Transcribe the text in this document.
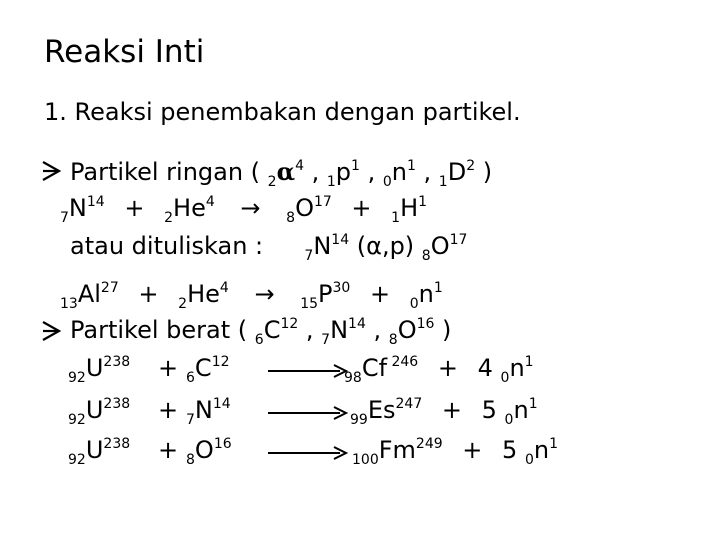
Reaksi Inti
1. Reaksi penembakan dengan partikel.
Partikel ringan ( $_2\alpha^4$ , $_1p^1$ , $_0n^1$ , $_1D^2$ )
$_7N^{14} + _2He^4 \to _8O^{17} + _1H^1$
atau dituliskan :	$_7N^{14}$ (α,p) $_8O^{17}$
$_{13}Al^{27} + _2He^4 \to _{15}P^{30} + _0n^1$
Partikel berat ( $_6C^{12}$ , $_7N^{14}$ , $_8O^{16}$ )
$_{92}U^{238} + _6C^{12}$
$_{98}$Cf $^{246}$ + 4 $_0n^1$
$_{92}U^{238} + _7N^{14}$
$_{99}Es^{247} + 5$ $_0n^1$
$_{92}U^{238} + _8O^{16}$
$_{100}Fm^{249} + 5$ $_0n^1$
